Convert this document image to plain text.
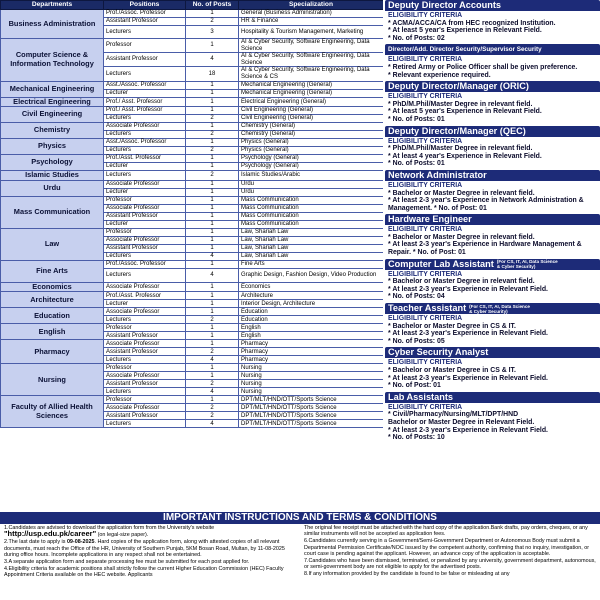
Departments	Positions	No. of Posts	Specialization
Business Administration	Prof./Assoc. Professor	1	General (Business Administration)
	Assistant Professor	2	HR & Finance
	Lecturers	3	Hospitality & Tourism Management, Marketing
Computer Science & Information Technology	Professor	1	AI & Cyber Security, Software Engineering, Data Science
	Assistant Professor	4	AI & Cyber Security, Software Engineering, Data Science
	Lecturers	18	AI & Cyber Security, Software Engineering, Data Science & CS
Mechanical Engineering	Asst./Assoc. Professor	1	Mechanical Engineering (General)
	Lecturer	1	Mechanical Engineering (General)
Electrical Engineering	Prof./ Asst. Professor	1	Electrical Engineering (General)
Civil Engineering	Prof./ Asst. Professor	1	Civil Engineering (General)
	Lecturers	2	Civil Engineering (General)
Chemistry	Associate Professor	1	Chemistry (General)
	Lecturers	2	Chemistry (General)
Physics	Asst./Assoc. Professor	1	Physics (General)
	Lecturers	2	Physics (General)
Psychology	Prof./Asst. Professor	1	Psychology (General)
	Lecturer	1	Psychology (General)
Islamic Studies	Lecturers	2	Islamic Studies/Arabic
Urdu	Associate Professor	1	Urdu
	Lecturer	1	Urdu
Mass Communication	Professor	1	Mass Communication
	Associate Professor	1	Mass Communication
	Assistant Professor	1	Mass Communication
	Lecturer	1	Mass Communication
Law	Professor	1	Law, Shariah Law
	Associate Professor	1	Law, Shariah Law
	Assistant Professor	1	Law, Shariah Law
	Lecturers	4	Law, Shariah Law
Fine Arts	Prof./Assoc. Professor	1	Fine Arts
	Lecturers	4	Graphic Design, Fashion Design, Video Production
Economics	Associate Professor	1	Economics
Architecture	Prof./Asst. Professor	1	Architecture
	Lecturer	1	Interior Design, Architecture
Education	Associate Professor	1	Education
	Lecturers	2	Education
English	Professor	1	English
	Assistant Professor	1	English
Pharmacy	Associate Professor	1	Pharmacy
	Assistant Professor	2	Pharmacy
	Lecturers	4	Pharmacy
Nursing	Professor	1	Nursing
	Associate Professor	1	Nursing
	Assistant Professor	2	Nursing
	Lecturers	4	Nursing
Faculty of Allied Health Sciences	Professor	1	DPT/MLT/HND/OTT/Sports Science
	Associate Professor	2	DPT/MLT/HND/OTT/Sports Science
	Assistant Professor	2	DPT/MLT/HND/OTT/Sports Science
	Lecturers	4	DPT/MLT/HND/OTT/Sports Science
Deputy Director Accounts
ELIGIBILITY CRITERIA
* ACMA/ACCA/CA from HEC recognized Institution.
* At least 5 year's Experience in Relevant Field.
* No. of Posts: 02
Director/Add. Director Security/Supervisor Security
ELIGIBILITY CRITERIA
* Retired Army or Police Officer shall be given preference.
* Relevant experience required.
Deputy Director/Manager (ORIC)
ELIGIBILITY CRITERIA
* PhD/M.Phil/Master Degree in relevant field.
* At least 5 year's Experience in Relevant Field.
* No. of Posts: 01
Deputy Director/Manager (QEC)
ELIGIBILITY CRITERIA
* PhD/M.Phil/Master Degree in relevant field.
* At least 4 year's Experience in Relevant Field.
* No. of Posts: 01
Network Administrator
ELIGIBILITY CRITERIA
* Bachelor or Master Degree in relevant field.
* At least 2-3 year's Experience in Network Administration & Management. * No. of Post: 01
Hardware Engineer
ELIGIBILITY CRITERIA
* Bachelor or Master Degree in relevant field.
* At least 2-3 year's Experience in Hardware Management & Repair. * No. of Post: 01
Computer Lab Assistant (For CS, IT, AI, Data Science & Cyber Security)
ELIGIBILITY CRITERIA
* Bachelor or Master Degree in relevant field.
* At least 2-3 year's Experience in Relevant Field.
* No. of Posts: 04
Teacher Assistant (For CS, IT, AI, Data Science & Cyber Security)
ELIGIBILITY CRITERIA
* Bachelor or Master Degree in CS & IT.
* At least 2-3 year's Experience in Relevant Field.
* No. of Posts: 05
Cyber Security Analyst
ELIGIBILITY CRITERIA
* Bachelor or Master Degree in CS & IT.
* At least 2-3 year's Experience in Relevant Field.
* No. of Post: 01
Lab Assistants
ELIGIBILITY CRITERIA
* Civil/Pharmacy/Nursing/MLT/DPT/HND
Bachelor or Master Degree in Relevant Field.
* At least 2-3 year's Experience in Relevant Field.
* No. of Posts: 10
IMPORTANT INSTRUCTIONS AND TERMS & CONDITIONS

1.Candidates are advised to download the application form from the University's website "http://usp.edu.pk/career" (on legal-size paper).

2.The last date to apply is 09-08-2025. Hard copies of the application form, along with attested copies of all relevant documents, must reach the Office of the HR, University of Southern Punjab, 5KM Bosan Road, Multan, by 11-08-2025 during office hours. Incomplete applications in any respect shall not be entertained.

3.A separate application form and separate processing fee must be submitted for each post applied for.

4.Eligibility criteria for academic positions shall strictly follow the current Higher Education Commission (HEC) Faculty Appointment Criteria available on the HEC website. Applicants

The original fee receipt must be attached with the hard copy of the application.Bank drafts, pay orders, cheques, or any similar instruments will not be accepted as application fees.

6.Candidates currently serving in a Government/Semi-Government Department or Autonomous Body must submit a Departmental Permission Certificate/NOC issued by the competent authority, confirming that no inquiry, investigation, or court case is pending against the applicant. However, an advance copy of the application is acceptable.

7.Candidates who have been dismissed, terminated, or penalized by any university, government department, autonomous, or semi-government body are not eligible to apply for the advertised posts.

8.If any information provided by the candidate is found to be false or misleading at any
